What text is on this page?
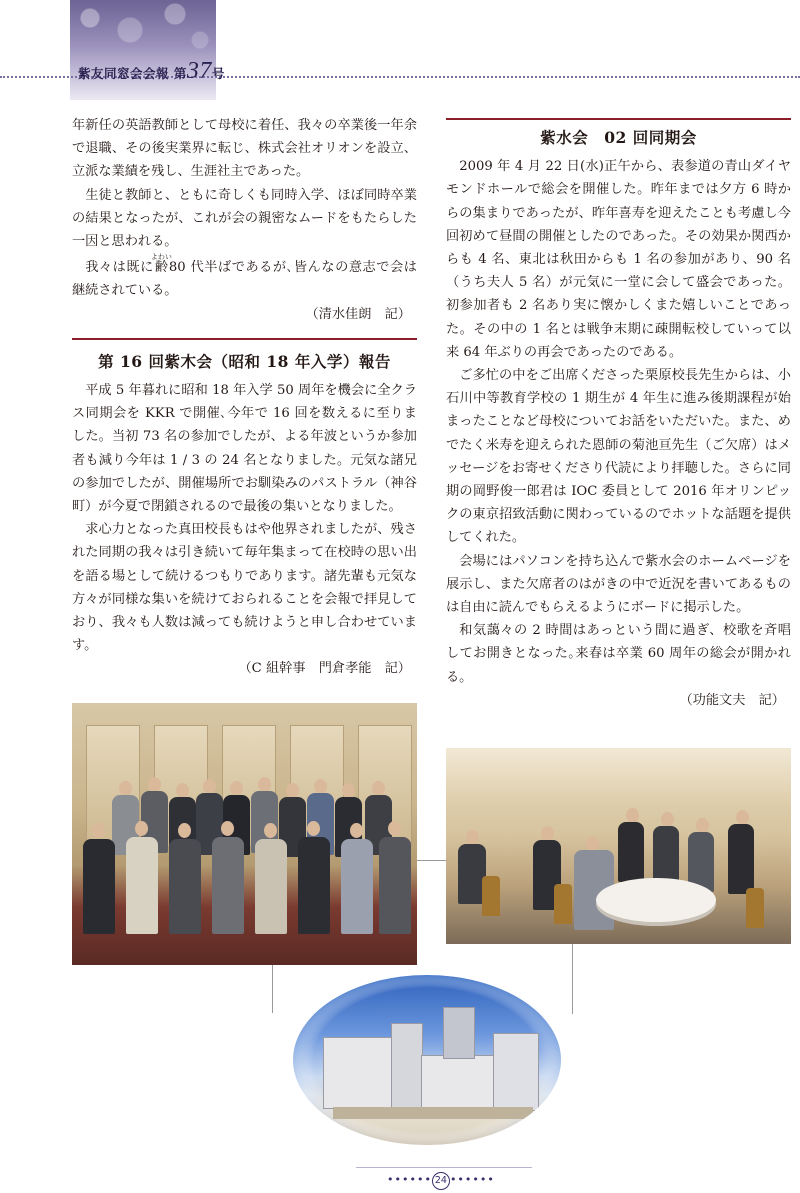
紫友同窓会会報 第37号

年新任の英語教師として母校に着任、我々の卒業後一年余で退職、その後実業界に転じ、株式会社オリオンを設立、立派な業績を残し、生涯社主であった。

生徒と教師と、ともに奇しくも同時入学、ほぼ同時卒業の結果となったが、これが会の親密なムードをもたらした一因と思われる。

我々は既に齢よわい80 代半ばであるが､皆んなの意志で会は継続されている。

（清水佳朗　記）

第 16 回紫木会（昭和 18 年入学）報告

平成 5 年暮れに昭和 18 年入学 50 周年を機会に全クラス同期会を KKR で開催､今年で 16 回を数えるに至りました。当初 73 名の参加でしたが、よる年波というか参加者も減り今年は 1 / 3 の 24 名となりました。元気な諸兄の参加でしたが、開催場所でお馴染みのパストラル（神谷町）が今夏で閉鎖されるので最後の集いとなりました。

求心力となった真田校長もはや他界されましたが、残された同期の我々は引き続いて毎年集まって在校時の思い出を語る場として続けるつもりであります。諸先輩も元気な方々が同様な集いを続けておられることを会報で拝見しており、我々も人数は減っても続けようと申し合わせています。

（C 組幹事　門倉孝能　記）

紫水会　02 回同期会

2009 年 4 月 22 日(水)正午から、表参道の青山ダイヤモンドホールで総会を開催した。昨年までは夕方 6 時からの集まりであったが、昨年喜寿を迎えたことも考慮し今回初めて昼間の開催としたのであった。その効果か関西からも 4 名、東北は秋田からも 1 名の参加があり、90 名（うち夫人 5 名）が元気に一堂に会して盛会であった。初参加者も 2 名あり実に懐かしくまた嬉しいことであった。その中の 1 名とは戦争末期に疎開転校していって以来 64 年ぶりの再会であったのである。

ご多忙の中をご出席くださった栗原校長先生からは、小石川中等教育学校の 1 期生が 4 年生に進み後期課程が始まったことなど母校についてお話をいただいた。また、めでたく米寿を迎えられた恩師の菊池亘先生（ご欠席）はメッセージをお寄せくださり代読により拝聴した。さらに同期の岡野俊一郎君は IOC 委員として 2016 年オリンピックの東京招致活動に関わっているのでホットな話題を提供してくれた。

会場にはパソコンを持ち込んで紫水会のホームページを展示し、また欠席者のはがきの中で近況を書いてあるものは自由に読んでもらえるようにボードに掲示した。

和気藹々の 2 時間はあっという間に過ぎ、校歌を斉唱してお開きとなった｡来春は卒業 60 周年の総会が開かれる。

（功能文夫　記）

•••••• 24 ••••••
